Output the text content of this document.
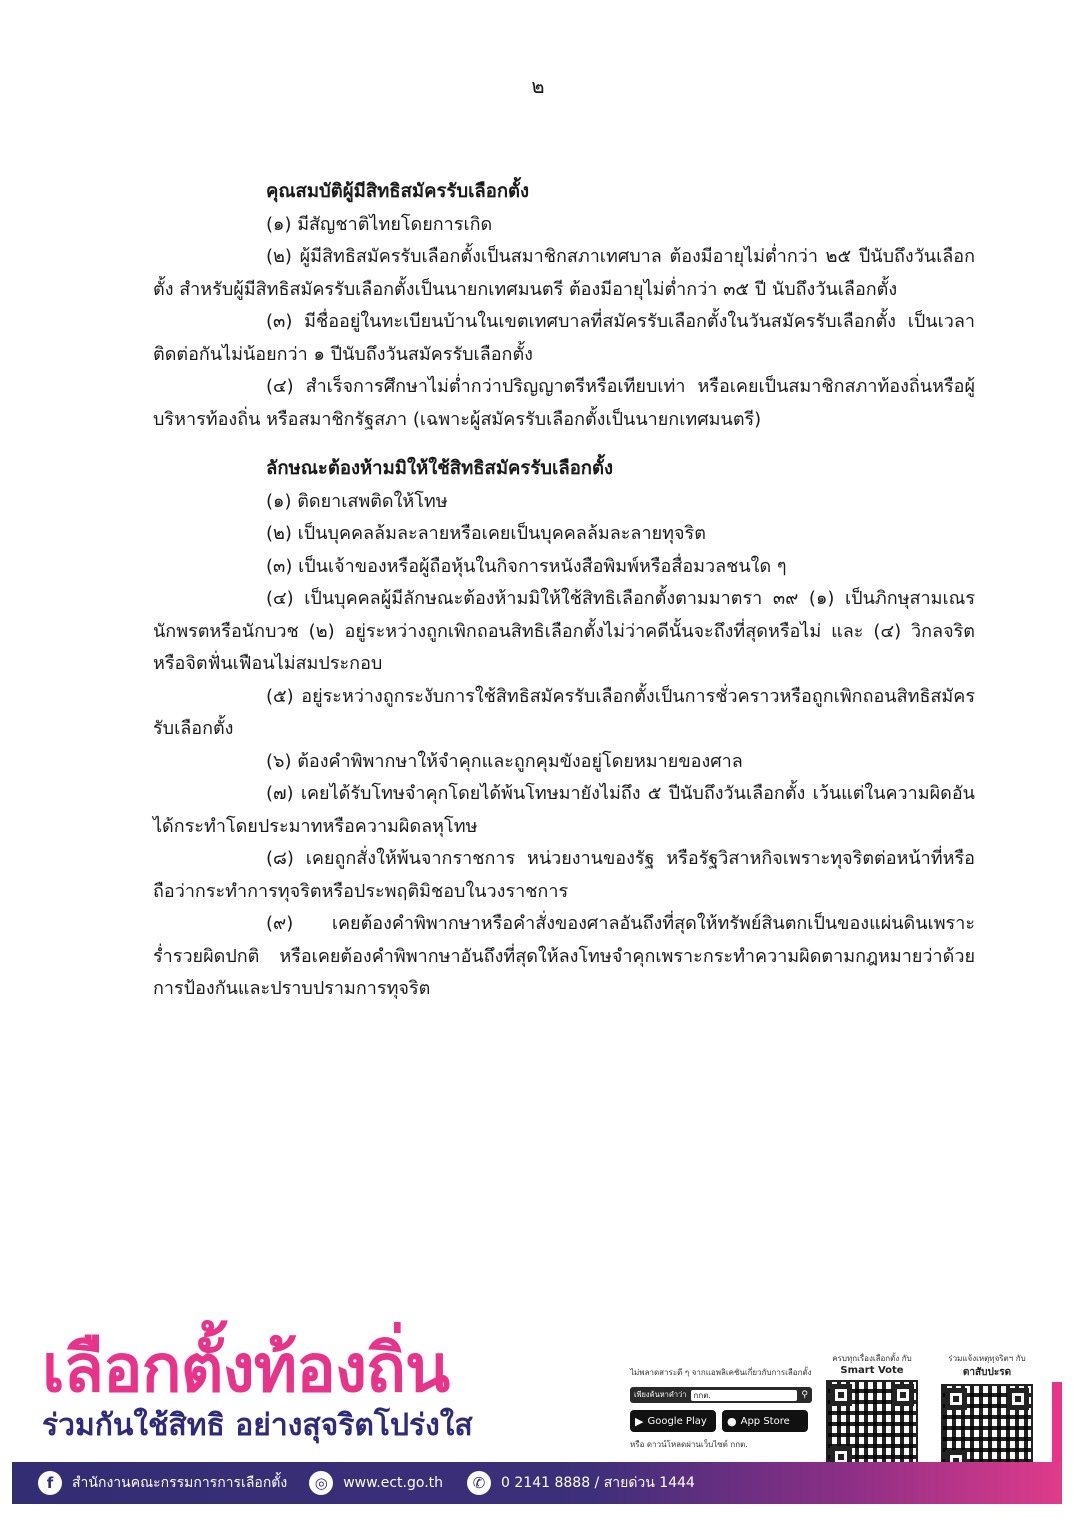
๒

คุณสมบัติผู้มีสิทธิสมัครรับเลือกตั้ง

(๑) มีสัญชาติไทยโดยการเกิด

(๒) ผู้มีสิทธิสมัครรับเลือกตั้งเป็นสมาชิกสภาเทศบาล ต้องมีอายุไม่ต่ำกว่า ๒๕ ปีนับถึงวันเลือกตั้ง สำหรับผู้มีสิทธิสมัครรับเลือกตั้งเป็นนายกเทศมนตรี ต้องมีอายุไม่ต่ำกว่า ๓๕ ปี นับถึงวันเลือกตั้ง

(๓) มีชื่ออยู่ในทะเบียนบ้านในเขตเทศบาลที่สมัครรับเลือกตั้งในวันสมัครรับเลือกตั้ง เป็นเวลาติดต่อกันไม่น้อยกว่า ๑ ปีนับถึงวันสมัครรับเลือกตั้ง

(๔) สำเร็จการศึกษาไม่ต่ำกว่าปริญญาตรีหรือเทียบเท่า หรือเคยเป็นสมาชิกสภาท้องถิ่นหรือผู้บริหารท้องถิ่น หรือสมาชิกรัฐสภา (เฉพาะผู้สมัครรับเลือกตั้งเป็นนายกเทศมนตรี)

ลักษณะต้องห้ามมิให้ใช้สิทธิสมัครรับเลือกตั้ง

(๑) ติดยาเสพติดให้โทษ

(๒) เป็นบุคคลล้มละลายหรือเคยเป็นบุคคลล้มละลายทุจริต

(๓) เป็นเจ้าของหรือผู้ถือหุ้นในกิจการหนังสือพิมพ์หรือสื่อมวลชนใด ๆ

(๔) เป็นบุคคลผู้มีลักษณะต้องห้ามมิให้ใช้สิทธิเลือกตั้งตามมาตรา ๓๙ (๑) เป็นภิกษุสามเณร นักพรตหรือนักบวช (๒) อยู่ระหว่างถูกเพิกถอนสิทธิเลือกตั้งไม่ว่าคดีนั้นจะถึงที่สุดหรือไม่ และ (๔) วิกลจริตหรือจิตฟั่นเฟือนไม่สมประกอบ

(๕) อยู่ระหว่างถูกระงับการใช้สิทธิสมัครรับเลือกตั้งเป็นการชั่วคราวหรือถูกเพิกถอนสิทธิสมัครรับเลือกตั้ง

(๖) ต้องคำพิพากษาให้จำคุกและถูกคุมขังอยู่โดยหมายของศาล

(๗) เคยได้รับโทษจำคุกโดยได้พ้นโทษมายังไม่ถึง ๕ ปีนับถึงวันเลือกตั้ง เว้นแต่ในความผิดอันได้กระทำโดยประมาทหรือความผิดลหุโทษ

(๘) เคยถูกสั่งให้พ้นจากราชการ หน่วยงานของรัฐ หรือรัฐวิสาหกิจเพราะทุจริตต่อหน้าที่หรือถือว่ากระทำการทุจริตหรือประพฤติมิชอบในวงราชการ

(๙) เคยต้องคำพิพากษาหรือคำสั่งของศาลอันถึงที่สุดให้ทรัพย์สินตกเป็นของแผ่นดินเพราะร่ำรวยผิดปกติ หรือเคยต้องคำพิพากษาอันถึงที่สุดให้ลงโทษจำคุกเพราะกระทำความผิดตามกฎหมายว่าด้วยการป้องกันและปราบปรามการทุจริต

เลือกตั้งท้องถิ่น
ร่วมกันใช้สิทธิ อย่างสุจริตโปร่งใส
ไม่พลาดสาระดี ๆ จากแอพลิเคชันเกี่ยวกับการเลือกตั้ง
เพียงค้นหาคำว่า กกต.	⚲
▶ Google Play ● App Store
หรือ ดาวน์โหลดผ่านเว็บไซต์ กกต.
ครบทุกเรื่องเลือกตั้ง กับ
Smart Vote
ร่วมแจ้งเหตุทุจริตฯ กับ
ตาสับปะรด
f	สำนักงานคณะกรรมการการเลือกตั้ง	◎	www.ect.go.th	✆	0 2141 8888 / สายด่วน 1444
